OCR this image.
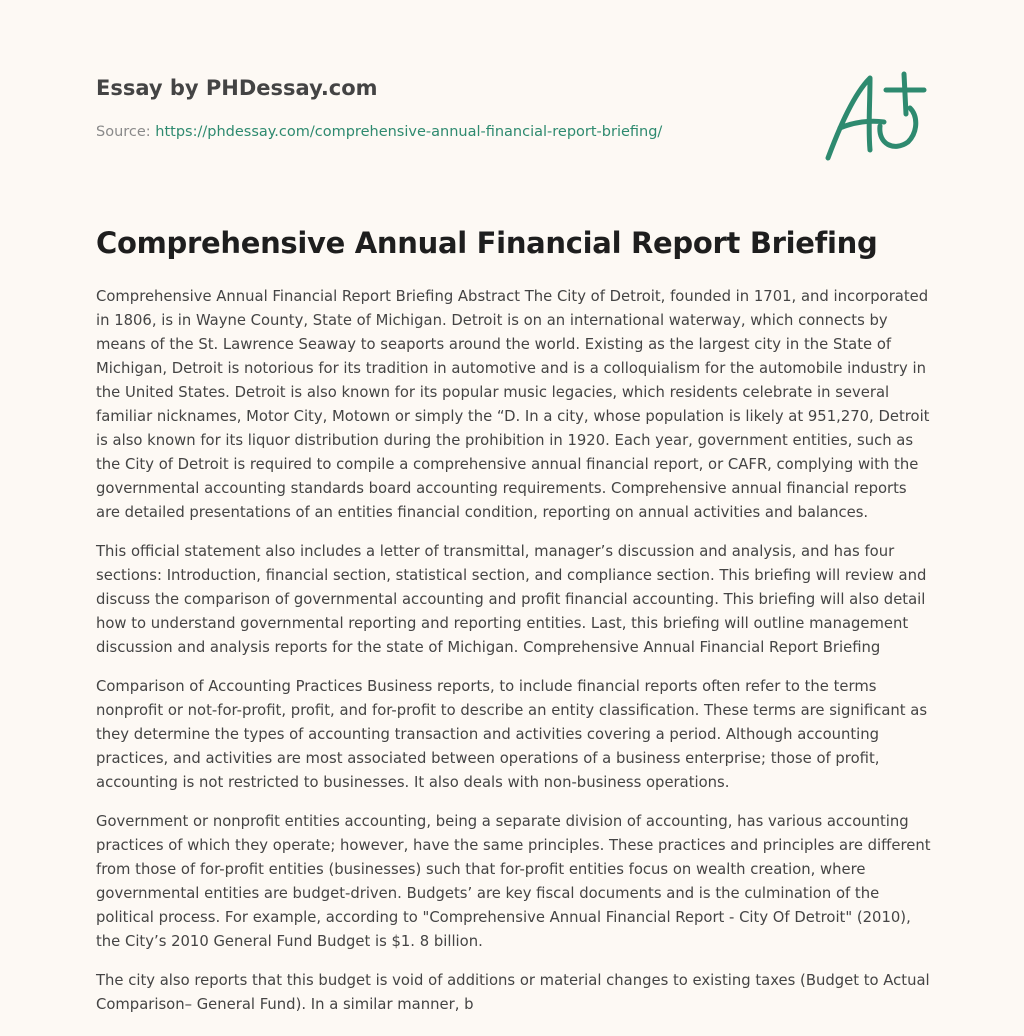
Essay by PHDessay.com
Source: https://phdessay.com/comprehensive-annual-financial-report-briefing/
Comprehensive Annual Financial Report Briefing

Comprehensive Annual Financial Report Briefing Abstract The City of Detroit, founded in 1701, and incorporated in 1806, is in Wayne County, State of Michigan. Detroit is on an international waterway, which connects by means of the St. Lawrence Seaway to seaports around the world. Existing as the largest city in the State of Michigan, Detroit is notorious for its tradition in automotive and is a colloquialism for the automobile industry in the United States. Detroit is also known for its popular music legacies, which residents celebrate in several familiar nicknames, Motor City, Motown or simply the “D. In a city, whose population is likely at 951,270, Detroit is also known for its liquor distribution during the prohibition in 1920. Each year, government entities, such as the City of Detroit is required to compile a comprehensive annual financial report, or CAFR, complying with the governmental accounting standards board accounting requirements. Comprehensive annual financial reports are detailed presentations of an entities financial condition, reporting on annual activities and balances.

This official statement also includes a letter of transmittal, manager’s discussion and analysis, and has four sections: Introduction, financial section, statistical section, and compliance section. This briefing will review and discuss the comparison of governmental accounting and profit financial accounting. This briefing will also detail how to understand governmental reporting and reporting entities. Last, this briefing will outline management discussion and analysis reports for the state of Michigan. Comprehensive Annual Financial Report Briefing

Comparison of Accounting Practices Business reports, to include financial reports often refer to the terms nonprofit or not-for-profit, profit, and for-profit to describe an entity classification. These terms are significant as they determine the types of accounting transaction and activities covering a period. Although accounting practices, and activities are most associated between operations of a business enterprise; those of profit, accounting is not restricted to businesses. It also deals with non-business operations.

Government or nonprofit entities accounting, being a separate division of accounting, has various accounting practices of which they operate; however, have the same principles. These practices and principles are different from those of for-profit entities (businesses) such that for-profit entities focus on wealth creation, where governmental entities are budget-driven. Budgets’ are key fiscal documents and is the culmination of the political process. For example, according to "Comprehensive Annual Financial Report - City Of Detroit" (2010), the City’s 2010 General Fund Budget is $1. 8 billion.

The city also reports that this budget is void of additions or material changes to existing taxes (Budget to Actual Comparison– General Fund). In a similar manner, b
